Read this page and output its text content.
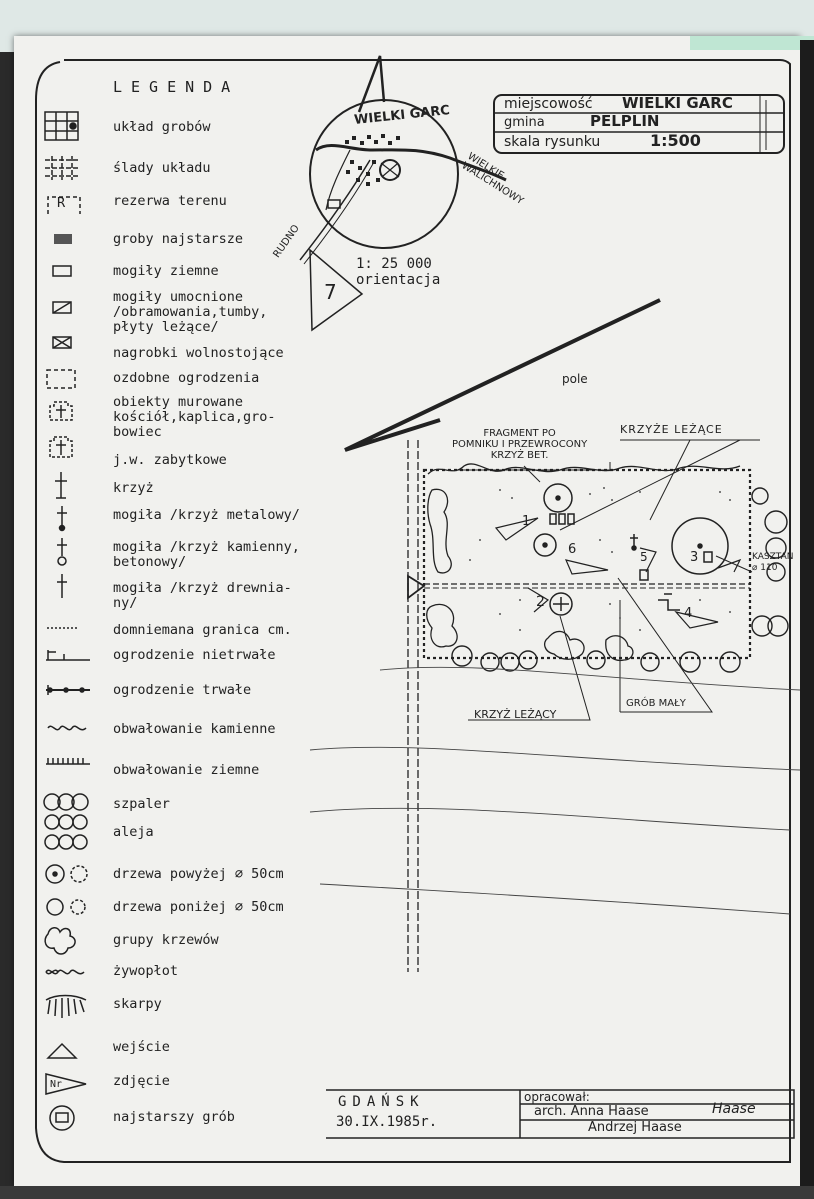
LEGENDA
układ grobów
ślady układu
R	rezerwa terenu
groby najstarsze
mogiły ziemne
mogiły umocnione
/obramowania,tumby,
płyty leżące/
nagrobki wolnostojące
ozdobne ogrodzenia
obiekty murowane
kościół,kaplica,gro-
bowiec
j.w. zabytkowe
krzyż
mogiła /krzyż metalowy/
mogiła /krzyż kamienny,
betonowy/
mogiła /krzyż drewnia-
ny/
domniemana granica cm.
ogrodzenie nietrwałe
ogrodzenie trwałe
obwałowanie kamienne
obwałowanie ziemne
szpaler
aleja
drzewa powyżej ⌀ 50cm
drzewa poniżej ⌀ 50cm
grupy krzewów
żywopłot
skarpy
wejście
Nr	zdjęcie
najstarszy grób
miejscowość WIELKI GARC
gmina	PELPLIN
skala rysunku	1:500
WIELKI GARC
RUDNO
WIELKIE
WALICHNOWY
1: 25 000
orientacja
7
pole
FRAGMENT PO
POMNIKU I PRZEWROCONY
KRZYŻ BET.
KRZYŻE LEŻĄCE
KASZTAN
⌀ 110
KRZYŻ LEŻĄCY
GRÓB MAŁY
1
2
3
4
5
6
GDAŃSK
30.IX.1985r.
opracował:
arch. Anna Haase	Haase
Andrzej Haase
